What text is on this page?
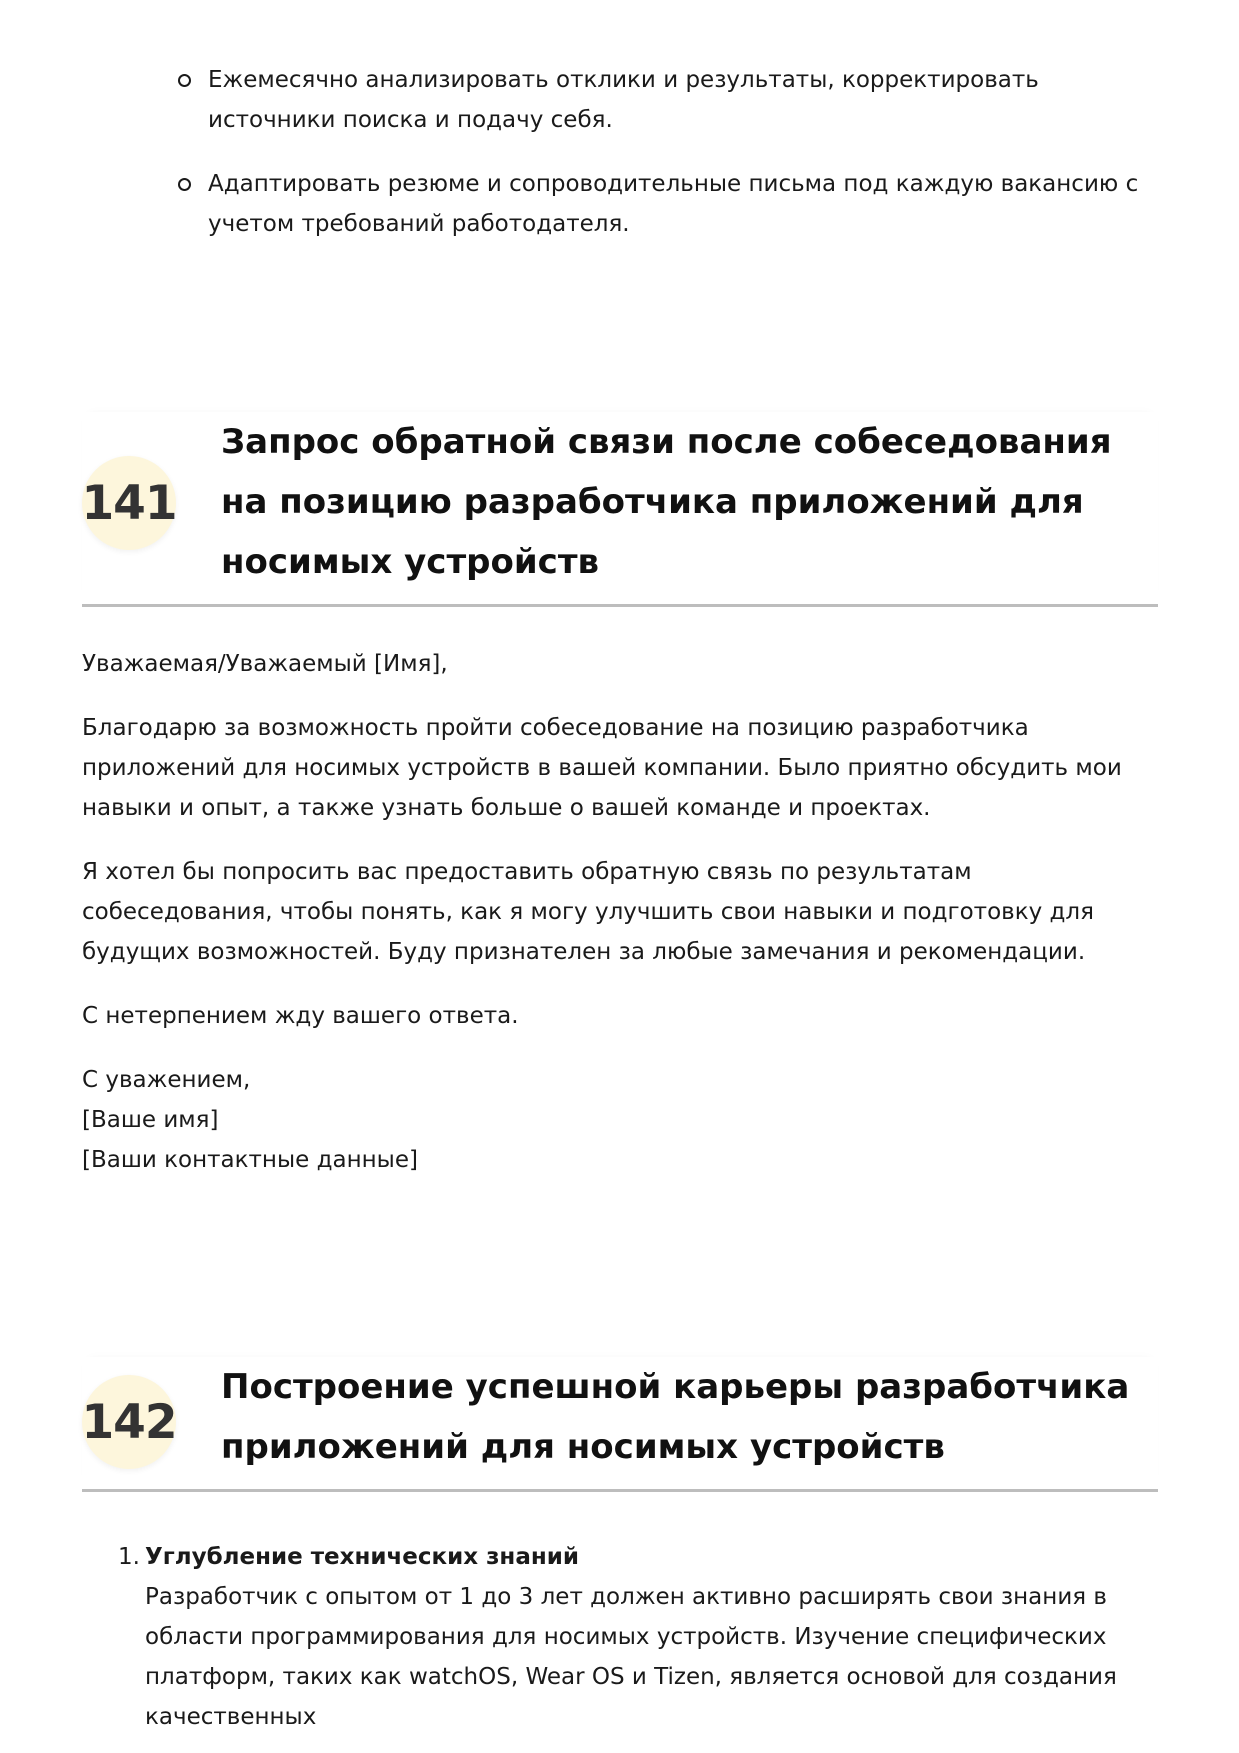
Ежемесячно анализировать отклики и результаты, корректировать источники поиска и подачу себя.
Адаптировать резюме и сопроводительные письма под каждую вакансию с учетом требований работодателя.
141
Запрос обратной связи после собеседования на позицию разработчика приложений для носимых устройств

Уважаемая/Уважаемый [Имя],

Благодарю за возможность пройти собеседование на позицию разработчика приложений для носимых устройств в вашей компании. Было приятно обсудить мои навыки и опыт, а также узнать больше о вашей команде и проектах.

Я хотел бы попросить вас предоставить обратную связь по результатам собеседования, чтобы понять, как я могу улучшить свои навыки и подготовку для будущих возможностей. Буду признателен за любые замечания и рекомендации.

С нетерпением жду вашего ответа.

С уважением,
[Ваше имя]
[Ваши контактные данные]

142
Построение успешной карьеры разработчика приложений для носимых устройств
1. Углубление технических знаний
Разработчик с опытом от 1 до 3 лет должен активно расширять свои знания в области программирования для носимых устройств. Изучение специфических платформ, таких как watchOS, Wear OS и Tizen, является основой для создания качественных
